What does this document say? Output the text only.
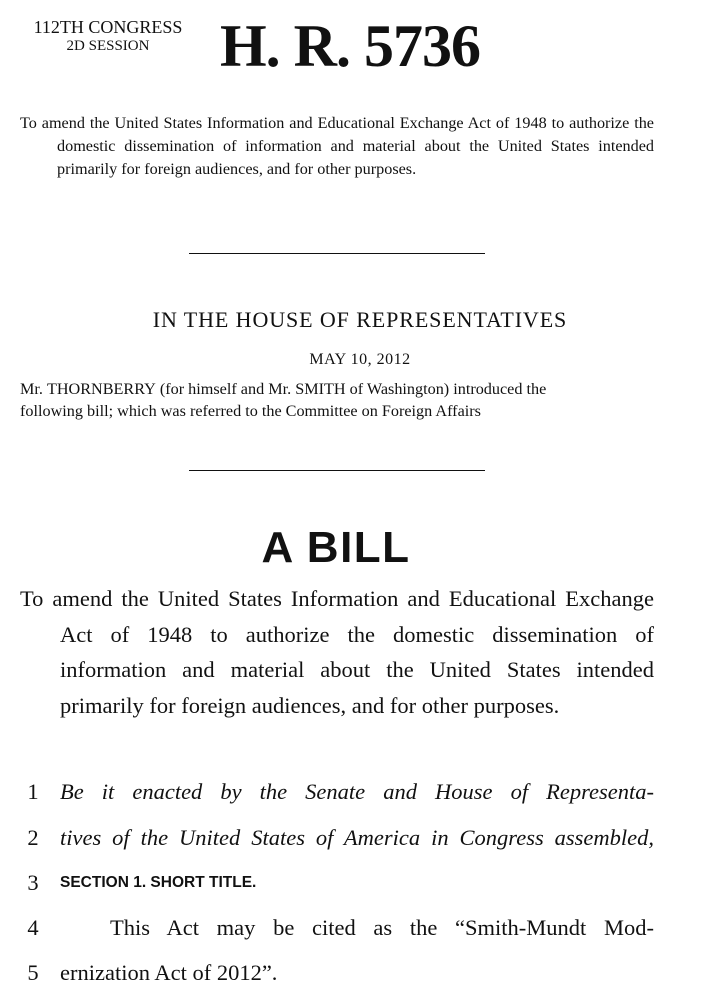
112TH CONGRESS
2D SESSION	H. R. 5736
To amend the United States Information and Educational Exchange Act of 1948 to authorize the domestic dissemination of information and material about the United States intended primarily for foreign audiences, and for other purposes.
IN THE HOUSE OF REPRESENTATIVES
MAY 10, 2012
Mr. THORNBERRY (for himself and Mr. SMITH of Washington) introduced the
following bill; which was referred to the Committee on Foreign Affairs
A BILL
To amend the United States Information and Educational Exchange Act of 1948 to authorize the domestic dissemination of information and material about the United States intended primarily for foreign audiences, and for other purposes.
1 Be it enacted by the Senate and House of Representa-
2 tives of the United States of America in Congress assembled,
3	SECTION 1. SHORT TITLE.
4	This Act may be cited as the “Smith-Mundt Mod-
5 ernization Act of 2012”.
